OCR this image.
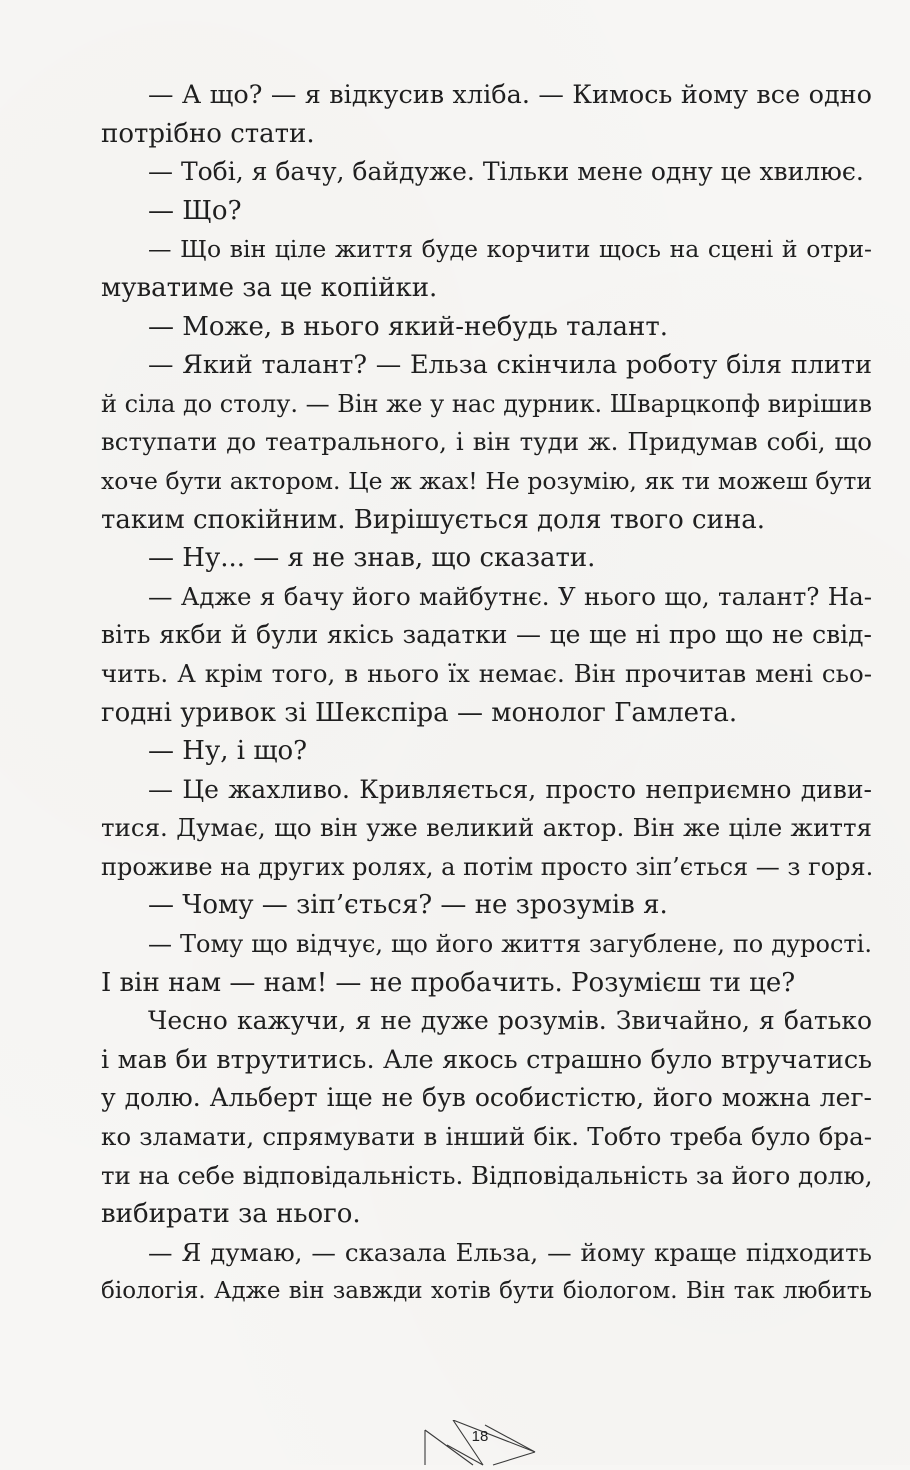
— А що? — я відкусив хліба. — Кимось йому все одно
потрібно стати.
— Тобі, я бачу, байдуже. Тільки мене одну це хвилює.
— Що?
— Що він ціле життя буде корчити щось на сцені й отри-
муватиме за це копійки.
— Може, в нього який-небудь талант.
— Який талант? — Ельза скінчила роботу біля плити
й сіла до столу. — Він же у нас дурник. Шварцкопф вирішив
вступати до театрального, і він туди ж. Придумав собі, що
хоче бути актором. Це ж жах! Не розумію, як ти можеш бути
таким спокійним. Вирішується доля твого сина.
— Ну... — я не знав, що сказати.
— Адже я бачу його майбутнє. У нього що, талант? На-
віть якби й були якісь задатки — це ще ні про що не свід-
чить. А крім того, в нього їх немає. Він прочитав мені сьо-
годні уривок зі Шекспіра — монолог Гамлета.
— Ну, і що?
— Це жахливо. Кривляється, просто неприємно диви-
тися. Думає, що він уже великий актор. Він же ціле життя
проживе на других ролях, а потім просто зіп’ється — з горя.
— Чому — зіп’ється? — не зрозумів я.
— Тому що відчує, що його життя загублене, по дурості.
І він нам — нам! — не пробачить. Розумієш ти це?
Чесно кажучи, я не дуже розумів. Звичайно, я батько
і мав би втрутитись. Але якось страшно було втручатись
у долю. Альберт іще не був особистістю, його можна лег-
ко зламати, спрямувати в інший бік. Тобто треба було бра-
ти на себе відповідальність. Відповідальність за його долю,
вибирати за нього.
— Я думаю, — сказала Ельза, — йому краще підходить
біологія. Адже він завжди хотів бути біологом. Він так любить
18
